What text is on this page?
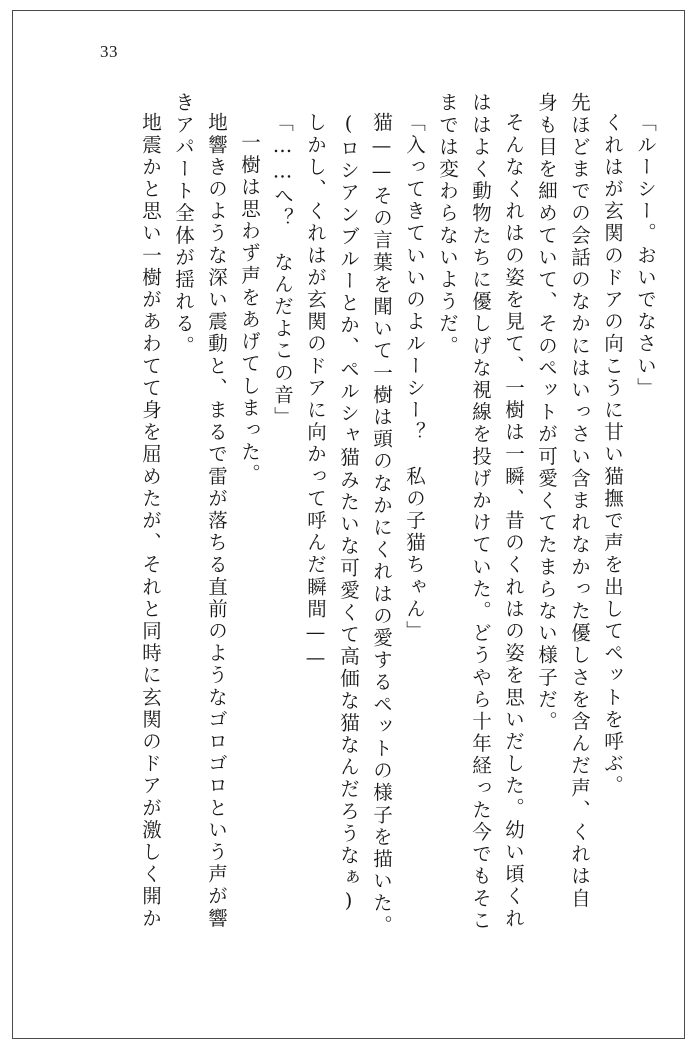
33
「ルーシー。おいでなさい」
くれはが玄関のドアの向こうに甘い猫撫で声を出してペットを呼ぶ。
先ほどまでの会話のなかにはいっさい含まれなかった優しさを含んだ声、くれは自
身も目を細めていて、そのペットが可愛くてたまらない様子だ。
そんなくれはの姿を見て、一樹は一瞬、昔のくれはの姿を思いだした。幼い頃くれ
ははよく動物たちに優しげな視線を投げかけていた。どうやら十年経った今でもそこ
までは変わらないようだ。
「入ってきていいのよルーシー？　私の子猫ちゃん」
猫——その言葉を聞いて一樹は頭のなかにくれはの愛するペットの様子を描いた。
(ロシアンブルーとか、ペルシャ猫みたいな可愛くて高価な猫なんだろうなぁ)
しかし、くれはが玄関のドアに向かって呼んだ瞬間——
「……へ？　なんだよこの音」
一樹は思わず声をあげてしまった。
地響きのような深い震動と、まるで雷が落ちる直前のようなゴロゴロという声が響
きアパート全体が揺れる。
地震かと思い一樹があわてて身を屈めたが、それと同時に玄関のドアが激しく開か
